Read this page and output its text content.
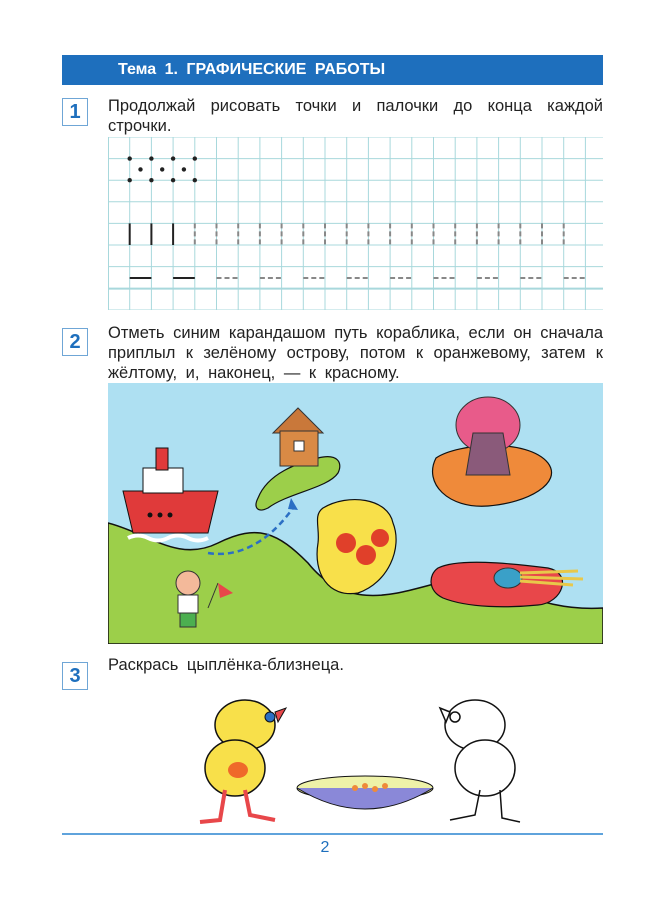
Тема 1. ГРАФИЧЕСКИЕ РАБОТЫ
1	Продолжай рисовать точки и палочки до конца каждой строчки.
2	Отметь синим карандашом путь кораблика, если он сначала приплыл к зелёному острову, потом к оранжевому, затем к жёлтому, и, наконец, — к красному.
3	Раскрась цыплёнка-близнеца.
2
